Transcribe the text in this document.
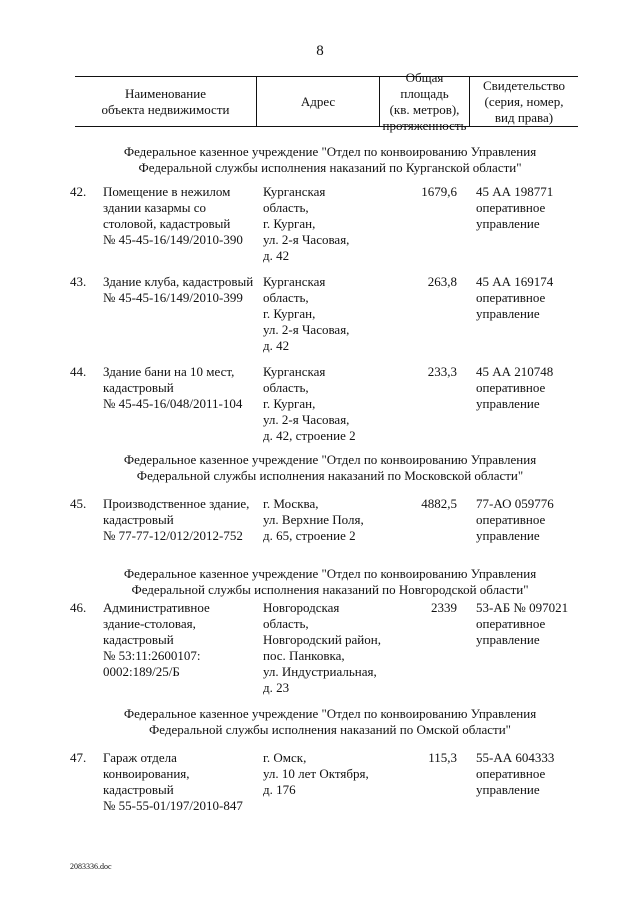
8
Наименование
объекта недвижимости
Адрес
Общая площадь
(кв. метров),
протяженность
Свидетельство
(серия, номер,
вид права)
Федеральное казенное учреждение "Отдел по конвоированию Управления
Федеральной службы исполнения наказаний по Курганской области"
42. Помещение в нежилом
здании казармы со
столовой, кадастровый
№ 45-45-16/149/2010-390
Курганская
область,
г. Курган,
ул. 2-я Часовая,
д. 42
1679,6 45 АА 198771
оперативное
управление
43. Здание клуба, кадастровый
№ 45-45-16/149/2010-399
Курганская
область,
г. Курган,
ул. 2-я Часовая,
д. 42
263,8 45 АА 169174
оперативное
управление
44. Здание бани на 10 мест,
кадастровый
№ 45-45-16/048/2011-104
Курганская
область,
г. Курган,
ул. 2-я Часовая,
д. 42, строение 2
233,3 45 АА 210748
оперативное
управление
Федеральное казенное учреждение "Отдел по конвоированию Управления
Федеральной службы исполнения наказаний по Московской области"
45. Производственное здание,
кадастровый
№ 77-77-12/012/2012-752
г. Москва,
ул. Верхние Поля,
д. 65, строение 2
4882,5 77-АО 059776
оперативное
управление
Федеральное казенное учреждение "Отдел по конвоированию Управления
Федеральной службы исполнения наказаний по Новгородской области"
46. Административное
здание-столовая,
кадастровый
№ 53:11:2600107:
0002:189/25/Б
Новгородская
область,
Новгородский район,
пос. Панковка,
ул. Индустриальная,
д. 23
2339 53-АБ № 097021
оперативное
управление
Федеральное казенное учреждение "Отдел по конвоированию Управления
Федеральной службы исполнения наказаний по Омской области"
47. Гараж отдела
конвоирования,
кадастровый
№ 55-55-01/197/2010-847
г. Омск,
ул. 10 лет Октября,
д. 176
115,3 55-АА 604333
оперативное
управление
2083336.doc
